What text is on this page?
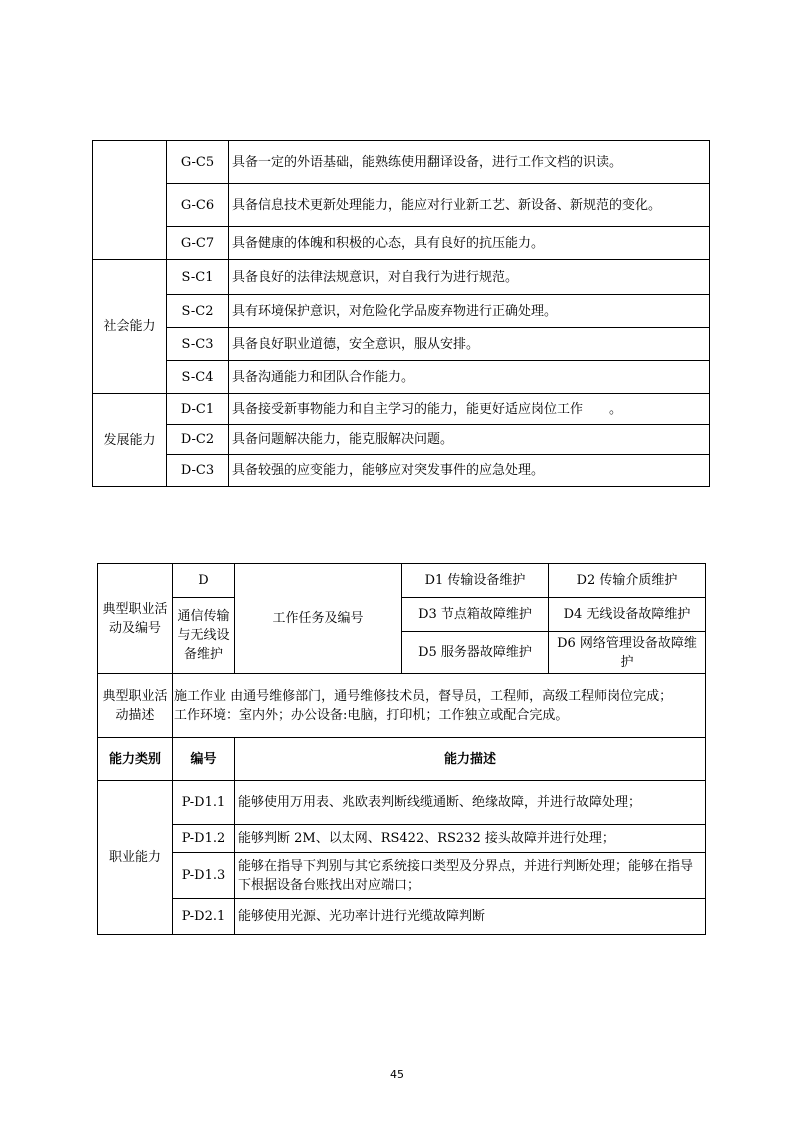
	G-C5	具备一定的外语基础，能熟练使用翻译设备，进行工作文档的识读。
	G-C6	具备信息技术更新处理能力，能应对行业新工艺、新设备、新规范的变化。
	G-C7	具备健康的体魄和积极的心态，具有良好的抗压能力。
社会能力	S-C1	具备良好的法律法规意识，对自我行为进行规范。
	S-C2	具有环境保护意识，对危险化学品废弃物进行正确处理。
	S-C3	具备良好职业道德，安全意识，服从安排。
	S-C4	具备沟通能力和团队合作能力。
发展能力	D-C1	具备接受新事物能力和自主学习的能力，能更好适应岗位工作　　。
	D-C2	具备问题解决能力，能克服解决问题。
	D-C3	具备较强的应变能力，能够应对突发事件的应急处理。
典型职业活动及编号	D	工作任务及编号	D1 传输设备维护	D2 传输介质维护
	通信传输与无线设备维护		D3 节点箱故障维护	D4 无线设备故障维护
			D5 服务器故障维护	D6 网络管理设备故障维护
典型职业活动描述	施工作业 由通号维修部门，通号维修技术员，督导员，工程师，高级工程师岗位完成；
工作环境：室内外；办公设备:电脑，打印机；工作独立或配合完成。			

能力类别	编号	能力描述		
职业能力	P-D1.1	能够使用万用表、兆欧表判断线缆通断、绝缘故障，并进行故障处理；		
	P-D1.2	能够判断 2M、以太网、RS422、RS232 接头故障并进行处理；		
	P-D1.3	能够在指导下判别与其它系统接口类型及分界点，并进行判断处理；能够在指导下根据设备台账找出对应端口；		
	P-D2.1	能够使用光源、光功率计进行光缆故障判断		
45
